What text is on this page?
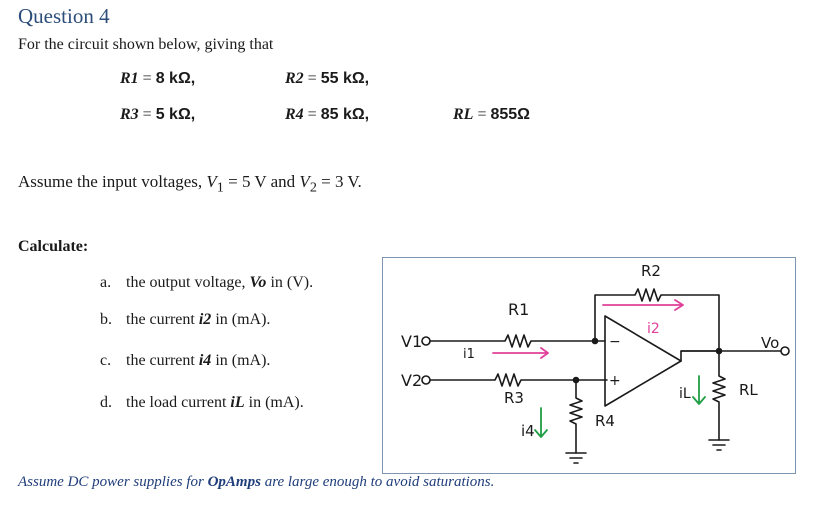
Question 4
For the circuit shown below, giving that
R1 = 8 kΩ,	R2 = 55 kΩ,
R3 = 5 kΩ,	R4 = 85 kΩ,	RL = 855Ω
Assume the input voltages, $V_1 = 5$ V and $V_2 = 3$ V.
Calculate:
a. the output voltage, Vo in (V).
b. the current i2 in (mA).
c. the current i4 in (mA).
d. the load current iL in (mA).
V1
V2
R1
R2
R3
R4
RL
Vo
i1
i2
i4
iL
−
+
Assume DC power supplies for OpAmps are large enough to avoid saturations.
